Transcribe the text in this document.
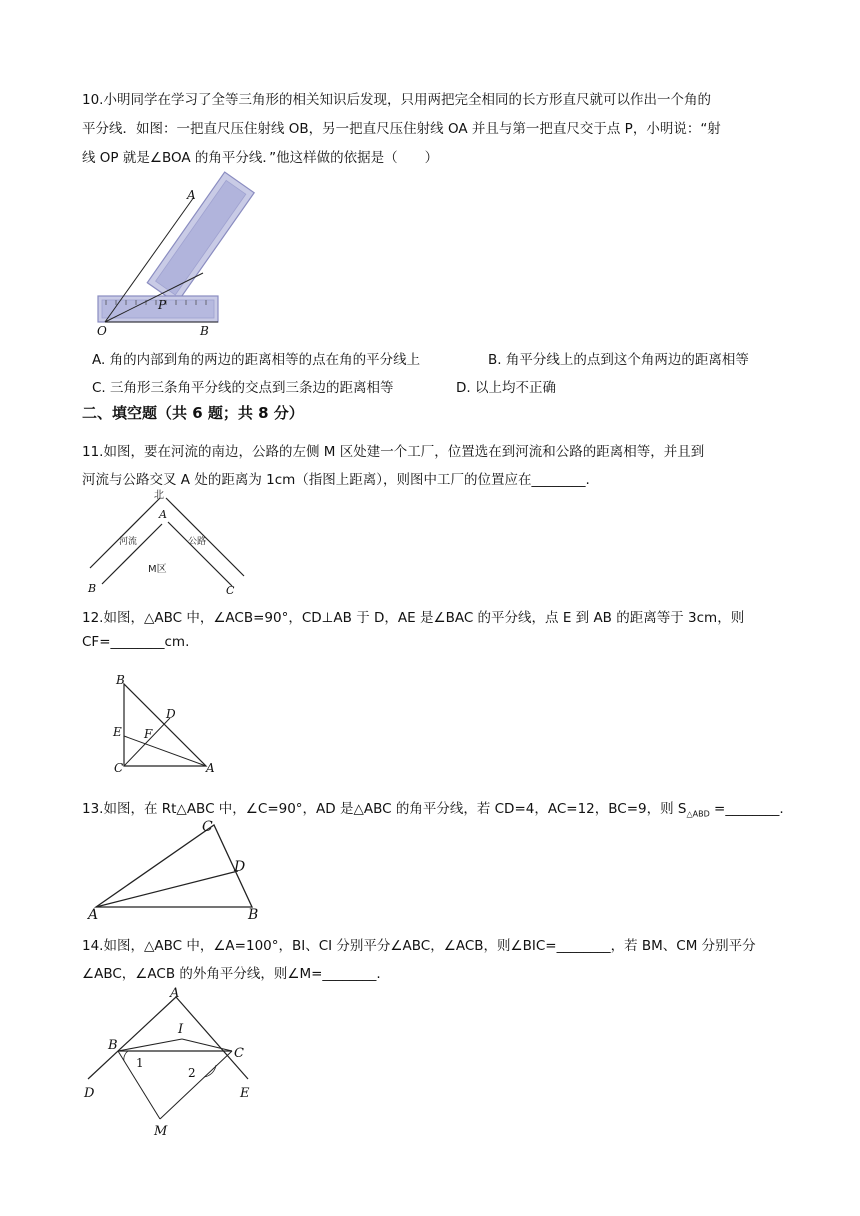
10.小明同学在学习了全等三角形的相关知识后发现，只用两把完全相同的长方形直尺就可以作出一个角的
平分线．如图：一把直尺压住射线 OB，另一把直尺压住射线 OA 并且与第一把直尺交于点 P，小明说：“射
线 OP 就是∠BOA 的角平分线．”他这样做的依据是（　　）
A
O	B
P
A. 角的内部到角的两边的距离相等的点在角的平分线上	B. 角平分线上的点到这个角两边的距离相等
C. 三角形三条角平分线的交点到三条边的距离相等	D. 以上均不正确
二、填空题（共 6 题；共 8 分）
11.如图，要在河流的南边，公路的左侧 M 区处建一个工厂，位置选在到河流和公路的距离相等，并且到
河流与公路交叉 A 处的距离为 1cm（指图上距离），则图中工厂的位置应在________.
北
A
河流	公路
M区
B	C
12.如图，△ABC 中，∠ACB=90°，CD⊥AB 于 D，AE 是∠BAC 的平分线，点 E 到 AB 的距离等于 3cm，则
CF=________cm.
B
D
E F
C	A
13.如图，在 Rt△ABC 中，∠C=90°，AD 是△ABC 的角平分线，若 CD=4，AC=12，BC=9，则 $S_{\triangle ABD}$ =________.
C
D
A	B
14.如图，△ABC 中，∠A=100°，BI、CI 分别平分∠ABC，∠ACB，则∠BIC=________，若 BM、CM 分别平分
∠ABC，∠ACB 的外角平分线，则∠M=________.
A
I
B
C
1
2
D	E
M
